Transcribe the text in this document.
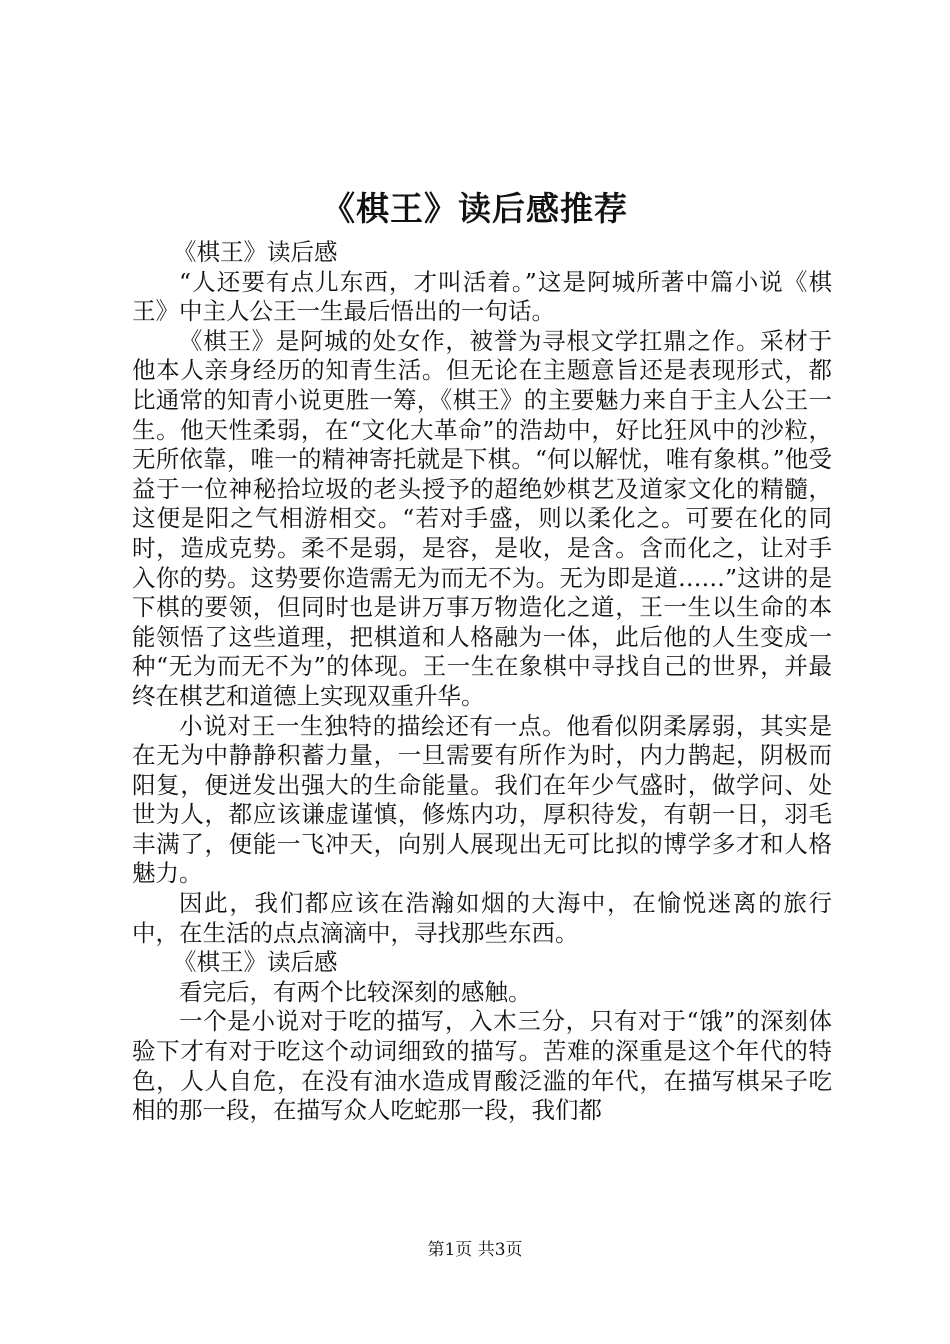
《棋王》读后感推荐

《棋王》读后感

“人还要有点儿东西，才叫活着。”这是阿城所著中篇小说《棋王》中主人公王一生最后悟出的一句话。

《棋王》是阿城的处女作，被誉为寻根文学扛鼎之作。采材于他本人亲身经历的知青生活。但无论在主题意旨还是表现形式，都比通常的知青小说更胜一筹，《棋王》的主要魅力来自于主人公王一生。他天性柔弱，在“文化大革命”的浩劫中，好比狂风中的沙粒，无所依靠，唯一的精神寄托就是下棋。“何以解忧，唯有象棋。”他受益于一位神秘拾垃圾的老头授予的超绝妙棋艺及道家文化的精髓，这便是阳之气相游相交。“若对手盛，则以柔化之。可要在化的同时，造成克势。柔不是弱，是容，是收，是含。含而化之，让对手入你的势。这势要你造需无为而无不为。无为即是道……”这讲的是下棋的要领，但同时也是讲万事万物造化之道，王一生以生命的本能领悟了这些道理，把棋道和人格融为一体，此后他的人生变成一种“无为而无不为”的体现。王一生在象棋中寻找自己的世界，并最终在棋艺和道德上实现双重升华。

小说对王一生独特的描绘还有一点。他看似阴柔孱弱，其实是在无为中静静积蓄力量，一旦需要有所作为时，内力鹊起，阴极而阳复，便迸发出强大的生命能量。我们在年少气盛时，做学问、处世为人，都应该谦虚谨慎，修炼内功，厚积待发，有朝一日，羽毛丰满了，便能一飞冲天，向别人展现出无可比拟的博学多才和人格魅力。

因此，我们都应该在浩瀚如烟的大海中，在愉悦迷离的旅行中，在生活的点点滴滴中，寻找那些东西。

《棋王》读后感

看完后，有两个比较深刻的感触。

一个是小说对于吃的描写，入木三分，只有对于“饿”的深刻体验下才有对于吃这个动词细致的描写。苦难的深重是这个年代的特色，人人自危，在没有油水造成胃酸泛滥的年代，在描写棋呆子吃相的那一段，在描写众人吃蛇那一段，我们都

第1页 共3页
